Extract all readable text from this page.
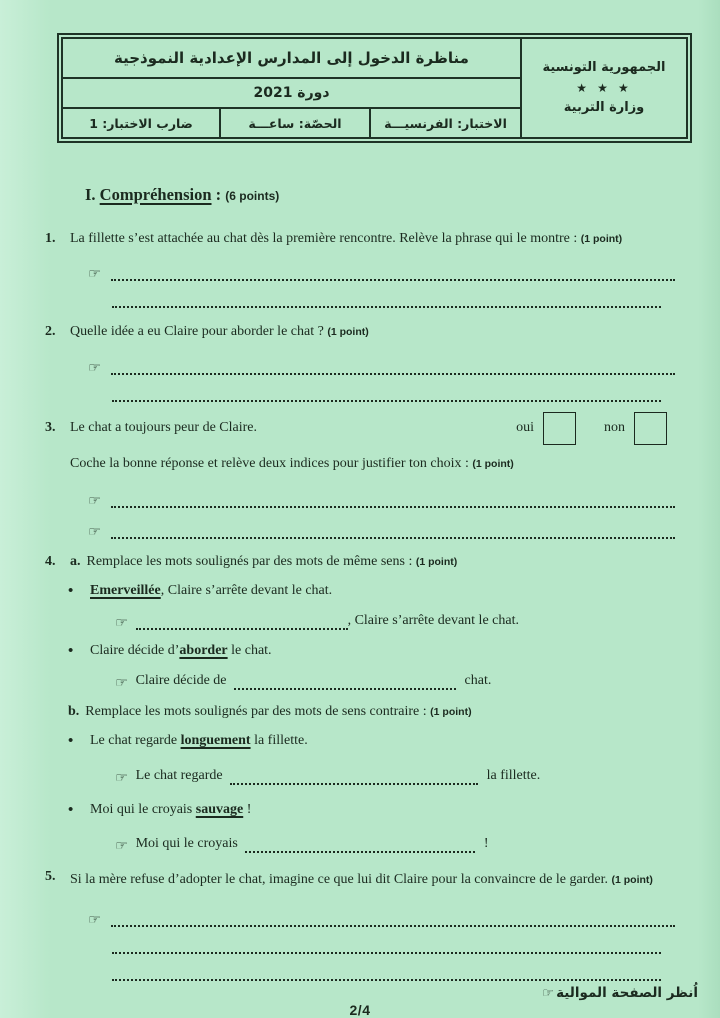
مناظرة الدخول إلى المدارس الإعدادية النموذجية
دورة 2021
ضارب الاختبار: 1	الحصّة: ساعـــة	الاختبار: الفرنسيـــة
الجمهورية التونسية
★ ★ ★
وزارة التربية
I. Compréhension : (6 points)
1.	La fillette s’est attachée au chat dès la première rencontre. Relève la phrase qui le montre : (1 point)
☞
2.	Quelle idée a eu Claire pour aborder le chat ? (1 point)
☞
3.	Le chat a toujours peur de Claire.	oui	non
Coche la bonne réponse et relève deux indices pour justifier ton choix : (1 point)
☞
☞
4.	a. Remplace les mots soulignés par des mots de même sens : (1 point)
•	Emerveillée, Claire s’arrête devant le chat.
☞	, Claire s’arrête devant le chat.
•	Claire décide d’aborder le chat.
☞ Claire décide de	chat.
b. Remplace les mots soulignés par des mots de sens contraire : (1 point)
•	Le chat regarde longuement la fillette.
☞ Le chat regarde	la fillette.
•	Moi qui le croyais sauvage !
☞ Moi qui le croyais	!
5.	Si la mère refuse d’adopter le chat, imagine ce que lui dit Claire pour la convaincre de le garder. (1 point)
☞
☞ اُنظر الصفحة الموالية
2/4
